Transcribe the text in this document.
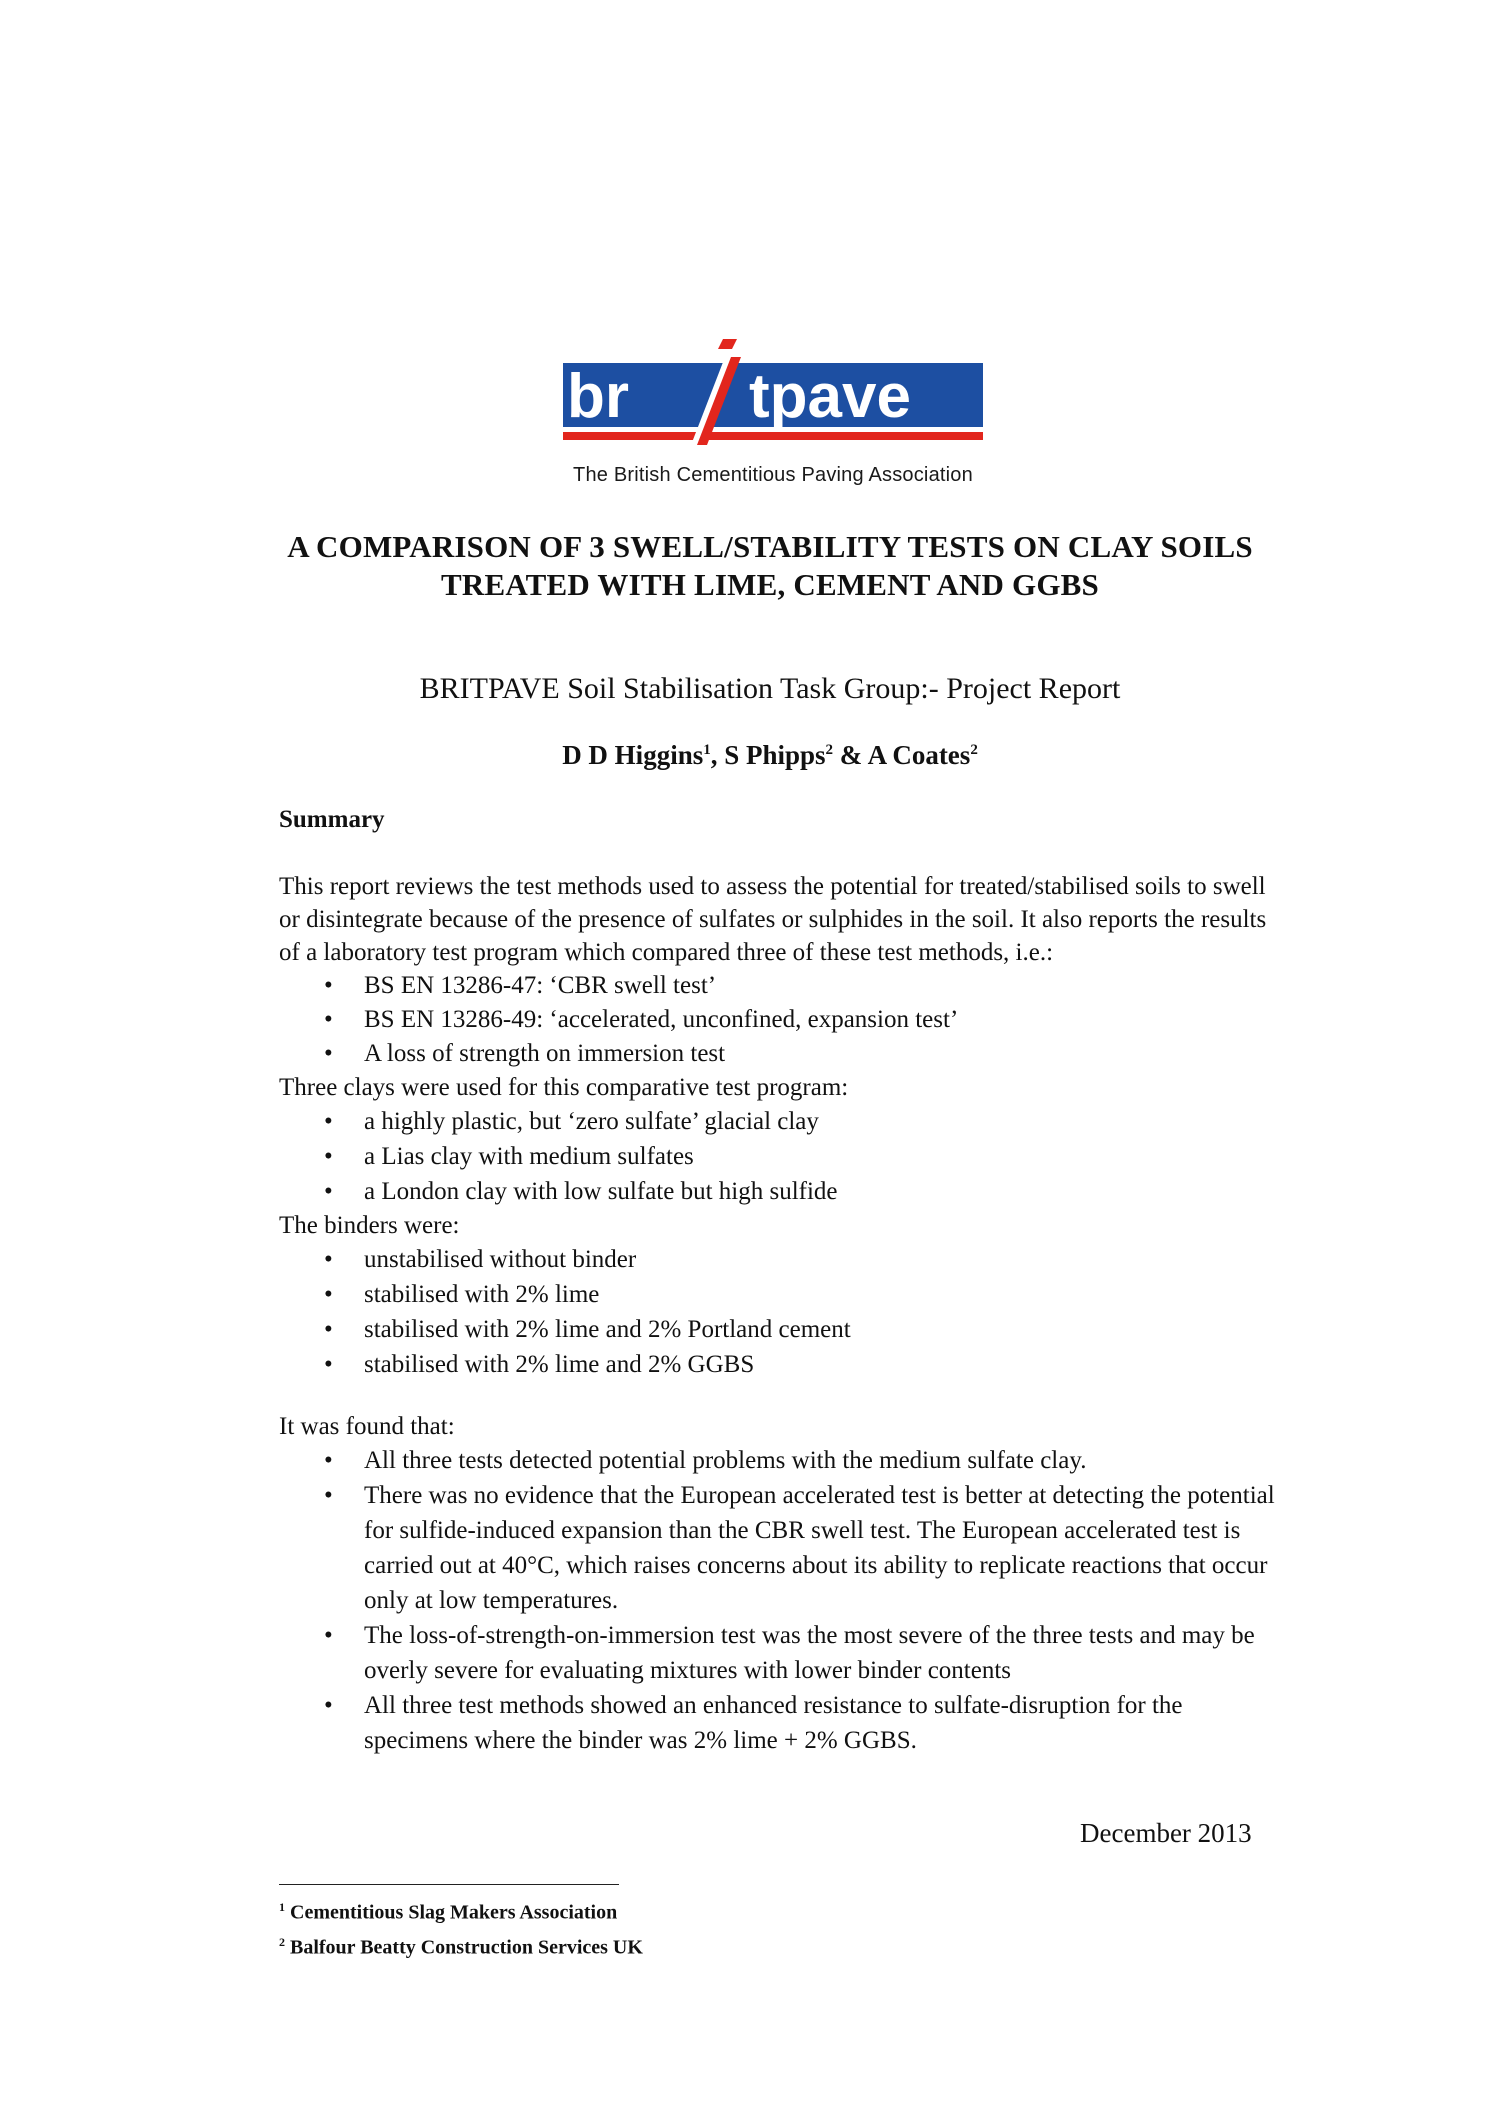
br tpave
The British Cementitious Paving Association
A COMPARISON OF 3 SWELL/STABILITY TESTS ON CLAY SOILS TREATED WITH LIME, CEMENT AND GGBS
BRITPAVE Soil Stabilisation Task Group:- Project Report
D D Higgins$^1$, S Phipps$^2$ & A Coates$^2$
Summary

This report reviews the test methods used to assess the potential for treated/stabilised soils to swell or disintegrate because of the presence of sulfates or sulphides in the soil. It also reports the results of a laboratory test program which compared three of these test methods, i.e.:

• BS EN 13286-47: ‘CBR swell test’
• BS EN 13286-49: ‘accelerated, unconfined, expansion test’
• A loss of strength on immersion test

Three clays were used for this comparative test program:

• a highly plastic, but ‘zero sulfate’ glacial clay
• a Lias clay with medium sulfates
• a London clay with low sulfate but high sulfide

The binders were:

• unstabilised without binder
• stabilised with 2% lime
• stabilised with 2% lime and 2% Portland cement
• stabilised with 2% lime and 2% GGBS

It was found that:

• All three tests detected potential problems with the medium sulfate clay.
• There was no evidence that the European accelerated test is better at detecting the potential for sulfide-induced expansion than the CBR swell test. The European accelerated test is carried out at 40°C, which raises concerns about its ability to replicate reactions that occur only at low temperatures.
• The loss-of-strength-on-immersion test was the most severe of the three tests and may be overly severe for evaluating mixtures with lower binder contents
• All three test methods showed an enhanced resistance to sulfate-disruption for the specimens where the binder was 2% lime + 2% GGBS.
December 2013
$^1$ Cementitious Slag Makers Association
$^2$ Balfour Beatty Construction Services UK
